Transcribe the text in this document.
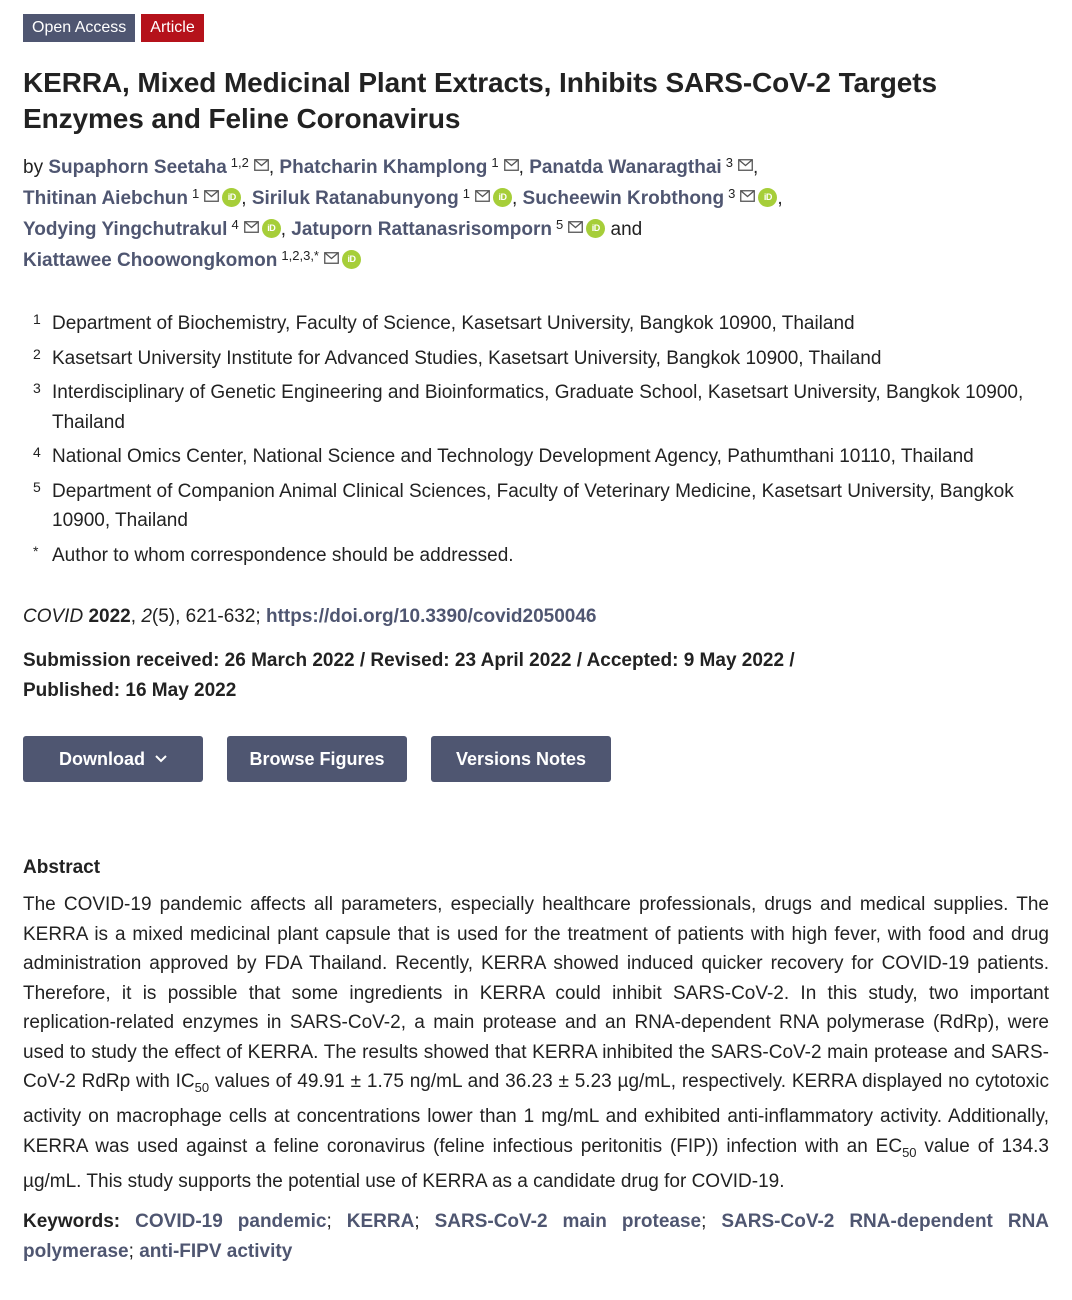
Open Access	Article
KERRA, Mixed Medicinal Plant Extracts, Inhibits SARS-CoV-2 Targets Enzymes and Feline Coronavirus
by Supaphorn Seetaha $^{1,2}$ , Phatcharin Khamplong $^1$ , Panatda Wanaragthai $^3$ ,
Thitinan Aiebchun $^1$	iD , Siriluk Ratanabunyong $^1$	iD , Sucheewin Krobthong $^3$	iD ,
Yodying Yingchutrakul $^4$	iD , Jatuporn Rattanasrisomporn $^5$	iD and
Kiattawee Choowongkomon $^{1,2,3,*}$	iD
1 Department of Biochemistry, Faculty of Science, Kasetsart University, Bangkok 10900, Thailand
2 Kasetsart University Institute for Advanced Studies, Kasetsart University, Bangkok 10900, Thailand
3 Interdisciplinary of Genetic Engineering and Bioinformatics, Graduate School, Kasetsart University, Bangkok 10900, Thailand
4 National Omics Center, National Science and Technology Development Agency, Pathumthani 10110, Thailand
5 Department of Companion Animal Clinical Sciences, Faculty of Veterinary Medicine, Kasetsart University, Bangkok 10900, Thailand
* Author to whom correspondence should be addressed.
COVID 2022, 2(5), 621-632; https://doi.org/10.3390/covid2050046
Submission received: 26 March 2022 / Revised: 23 April 2022 / Accepted: 9 May 2022 / Published: 16 May 2022
Download	Browse Figures	Versions Notes
Abstract
The COVID-19 pandemic affects all parameters, especially healthcare professionals, drugs and medical supplies. The KERRA is a mixed medicinal plant capsule that is used for the treatment of patients with high fever, with food and drug administration approved by FDA Thailand. Recently, KERRA showed induced quicker recovery for COVID-19 patients. Therefore, it is possible that some ingredients in KERRA could inhibit SARS-CoV-2. In this study, two important replication-related enzymes in SARS-CoV-2, a main protease and an RNA-dependent RNA polymerase (RdRp), were used to study the effect of KERRA. The results showed that KERRA inhibited the SARS-CoV-2 main protease and SARS-CoV-2 RdRp with $IC_{50}$ values of 49.91 ± 1.75 ng/mL and 36.23 ± 5.23 µg/mL, respectively. KERRA displayed no cytotoxic activity on macrophage cells at concentrations lower than 1 mg/mL and exhibited anti-inflammatory activity. Additionally, KERRA was used against a feline coronavirus (feline infectious peritonitis (FIP)) infection with an $EC_{50}$ value of 134.3 µg/mL. This study supports the potential use of KERRA as a candidate drug for COVID-19.
Keywords: COVID-19 pandemic; KERRA; SARS-CoV-2 main protease; SARS-CoV-2 RNA-dependent RNA polymerase; anti-FIPV activity
